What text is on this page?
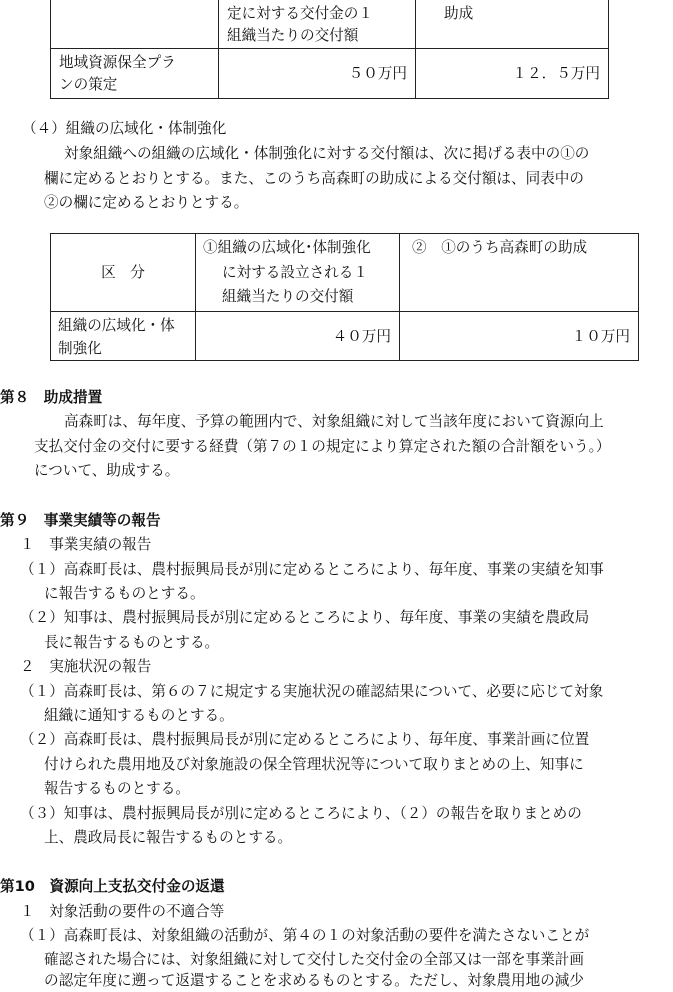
定に対する交付金の１
組織当たりの交付額
助成
地域資源保全プラ
ンの策定
５０万円	１２．５万円
（４）組織の広域化・体制強化
対象組織への組織の広域化・体制強化に対する交付額は、次に掲げる表中の①の
欄に定めるとおりとする。また、このうち高森町の助成による交付額は、同表中の
②の欄に定めるとおりとする。
区　分
①組織の広域化･体制強化
に対する設立される１
組織当たりの交付額
②　①のうち高森町の助成
組織の広域化・体
制強化
４０万円	１０万円
第８　助成措置
高森町は、毎年度、予算の範囲内で、対象組織に対して当該年度において資源向上
支払交付金の交付に要する経費（第７の１の規定により算定された額の合計額をいう。）
について、助成する。
第９　事業実績等の報告
１　事業実績の報告
（１）高森町長は、農村振興局長が別に定めるところにより、毎年度、事業の実績を知事
に報告するものとする。
（２）知事は、農村振興局長が別に定めるところにより、毎年度、事業の実績を農政局
長に報告するものとする。
２　実施状況の報告
（１）高森町長は、第６の７に規定する実施状況の確認結果について、必要に応じて対象
組織に通知するものとする。
（２）高森町長は、農村振興局長が別に定めるところにより、毎年度、事業計画に位置
付けられた農用地及び対象施設の保全管理状況等について取りまとめの上、知事に
報告するものとする。
（３）知事は、農村振興局長が別に定めるところにより、（２）の報告を取りまとめの
上、農政局長に報告するものとする。
第10　資源向上支払交付金の返還
１　対象活動の要件の不適合等
（１）高森町長は、対象組織の活動が、第４の１の対象活動の要件を満たさないことが
確認された場合には、対象組織に対して交付した交付金の全部又は一部を事業計画
の認定年度に遡って返還することを求めるものとする。ただし、対象農用地の減少
